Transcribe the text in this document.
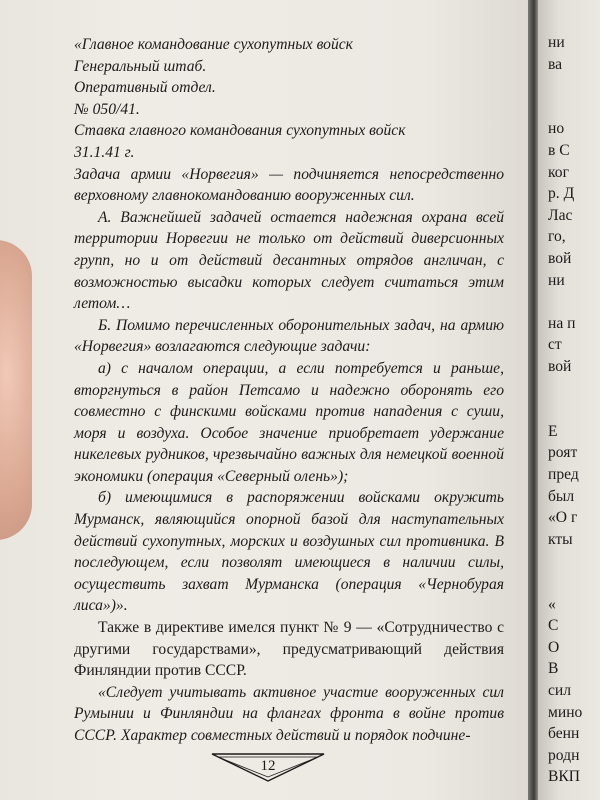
«Главное командование сухопутных войск

Генеральный штаб.

Оперативный отдел.

№ 050/41.

Ставка главного командования сухопутных войск

31.1.41 г.

Задача армии «Норвегия» — подчиняется непосредственно верховному главнокомандованию вооруженных сил.

А. Важнейшей задачей остается надежная охрана всей территории Норвегии не только от действий диверсионных групп, но и от действий десантных отрядов англичан, с возможностью высадки которых следует считаться этим летом…

Б. Помимо перечисленных оборонительных задач, на армию «Норвегия» возлагаются следующие задачи:

а) с началом операции, а если потребуется и раньше, вторгнуться в район Петсамо и надежно оборонять его совместно с финскими войсками против нападения с суши, моря и воздуха. Особое значение приобретает удержание никелевых рудников, чрезвычайно важных для немецкой военной экономики (операция «Северный олень»);

б) имеющимися в распоряжении войсками окружить Мурманск, являющийся опорной базой для наступательных действий сухопутных, морских и воздушных сил противника. В последующем, если позволят имеющиеся в наличии силы, осуществить захват Мурманска (операция «Чернобурая лиса»)».

Также в директиве имелся пункт № 9 — «Сотрудничество с другими государствами», предусматривающий действия Финляндии против СССР.

«Следует учитывать активное участие вооруженных сил Румынии и Финляндии на флангах фронта в войне против СССР. Характер совместных действий и порядок подчине-

12
ни
ва
но
в С
ког
р. Д
Лас
го,
вой
ни
на п
ст
вой
Е
роят
пред
был
«О г
кты
«
С
О
В
сил
мино
бенн
родн
ВКП
